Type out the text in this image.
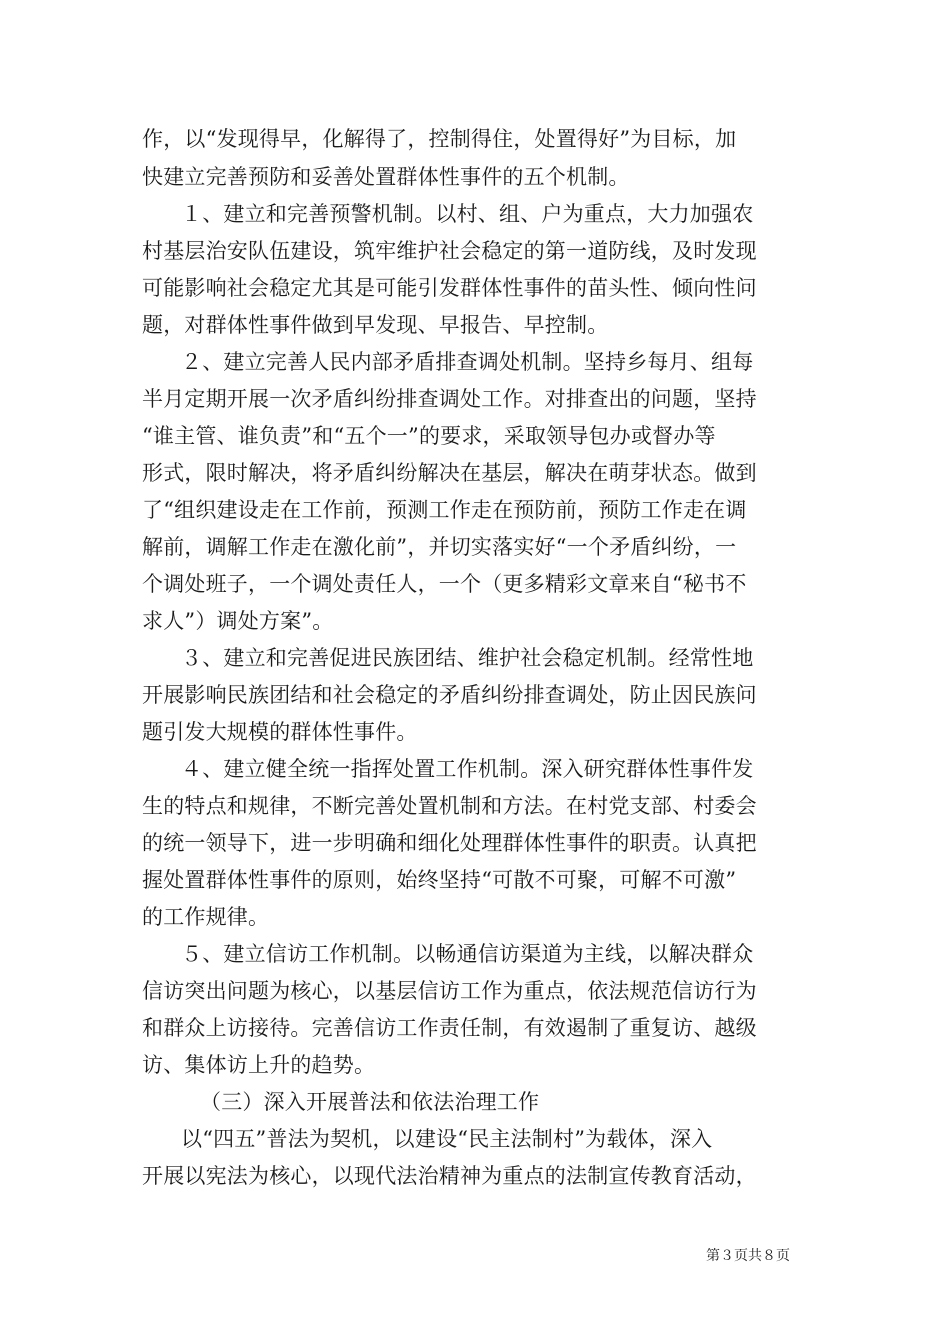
作，以“发现得早，化解得了，控制得住，处置得好”为目标，加
快建立完善预防和妥善处置群体性事件的五个机制。
１、建立和完善预警机制。以村、组、户为重点，大力加强农
村基层治安队伍建设，筑牢维护社会稳定的第一道防线，及时发现
可能影响社会稳定尤其是可能引发群体性事件的苗头性、倾向性问
题，对群体性事件做到早发现、早报告、早控制。
２、建立完善人民内部矛盾排查调处机制。坚持乡每月、组每
半月定期开展一次矛盾纠纷排查调处工作。对排查出的问题，坚持
“谁主管、谁负责”和“五个一”的要求，采取领导包办或督办等
形式，限时解决，将矛盾纠纷解决在基层，解决在萌芽状态。做到
了“组织建设走在工作前，预测工作走在预防前，预防工作走在调
解前，调解工作走在激化前”，并切实落实好“一个矛盾纠纷，一
个调处班子，一个调处责任人，一个（更多精彩文章来自“秘书不
求人”）调处方案”。
３、建立和完善促进民族团结、维护社会稳定机制。经常性地
开展影响民族团结和社会稳定的矛盾纠纷排查调处，防止因民族问
题引发大规模的群体性事件。
４、建立健全统一指挥处置工作机制。深入研究群体性事件发
生的特点和规律，不断完善处置机制和方法。在村党支部、村委会
的统一领导下，进一步明确和细化处理群体性事件的职责。认真把
握处置群体性事件的原则，始终坚持“可散不可聚，可解不可激”
的工作规律。
５、建立信访工作机制。以畅通信访渠道为主线，以解决群众
信访突出问题为核心，以基层信访工作为重点，依法规范信访行为
和群众上访接待。完善信访工作责任制，有效遏制了重复访、越级
访、集体访上升的趋势。
（三）深入开展普法和依法治理工作
以“四五”普法为契机，以建设“民主法制村”为载体，深入
开展以宪法为核心，以现代法治精神为重点的法制宣传教育活动，
第３页共８页
